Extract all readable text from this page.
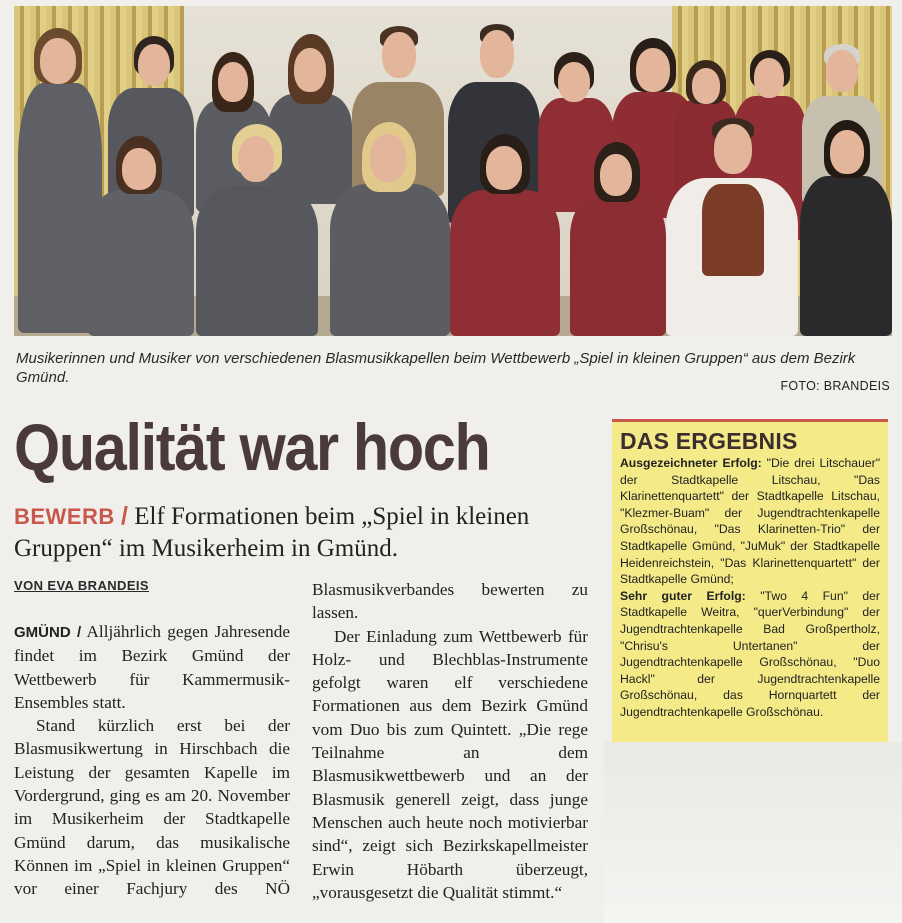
Musikerinnen und Musiker von verschiedenen Blasmusikkapellen beim Wettbewerb „Spiel in kleinen Gruppen“ aus dem Bezirk Gmünd.	FOTO: BRANDEIS

Qualität war hoch

BEWERB / Elf Formationen beim „Spiel in kleinen Gruppen“ im Musikerheim in Gmünd.

VON EVA BRANDEIS

GMÜND / Alljährlich gegen Jahresende findet im Bezirk Gmünd der Wettbewerb für Kammermusik-Ensembles statt.

Stand kürzlich erst bei der Blasmusikwertung in Hirschbach die Leistung der gesamten Kapelle im Vordergrund, ging es am 20. November im Musikerheim der Stadtkapelle Gmünd darum, das musikalische Können im „Spiel in kleinen Gruppen“ vor einer Fachjury des NÖ

Blasmusikverbandes bewerten zu lassen.

Der Einladung zum Wettbewerb für Holz- und Blechblas-Instrumente gefolgt waren elf verschiedene Formationen aus dem Bezirk Gmünd vom Duo bis zum Quintett. „Die rege Teilnahme an dem Blasmusikwettbewerb und an der Blasmusik generell zeigt, dass junge Menschen auch heute noch motivierbar sind“, zeigt sich Bezirkskapellmeister Erwin Höbarth überzeugt, „vorausgesetzt die Qualität stimmt.“

DAS ERGEBNIS

Ausgezeichneter Erfolg: "Die drei Litschauer" der Stadtkapelle Litschau, "Das Klarinettenquartett" der Stadtkapelle Litschau, "Klezmer-Buam" der Jugendtrachtenkapelle Großschönau, "Das Klarinetten-Trio" der Stadtkapelle Gmünd, "JuMuk" der Stadtkapelle Heidenreichstein, "Das Klarinettenquartett" der Stadtkapelle Gmünd;

Sehr guter Erfolg: "Two 4 Fun" der Stadtkapelle Weitra, "querVerbindung" der Jugendtrachtenkapelle Bad Großpertholz, "Chrisu's Untertanen" der Jugendtrachtenkapelle Großschönau, "Duo Hackl" der Jugendtrachtenkapelle Großschönau, das Hornquartett der Jugendtrachtenkapelle Großschönau.
